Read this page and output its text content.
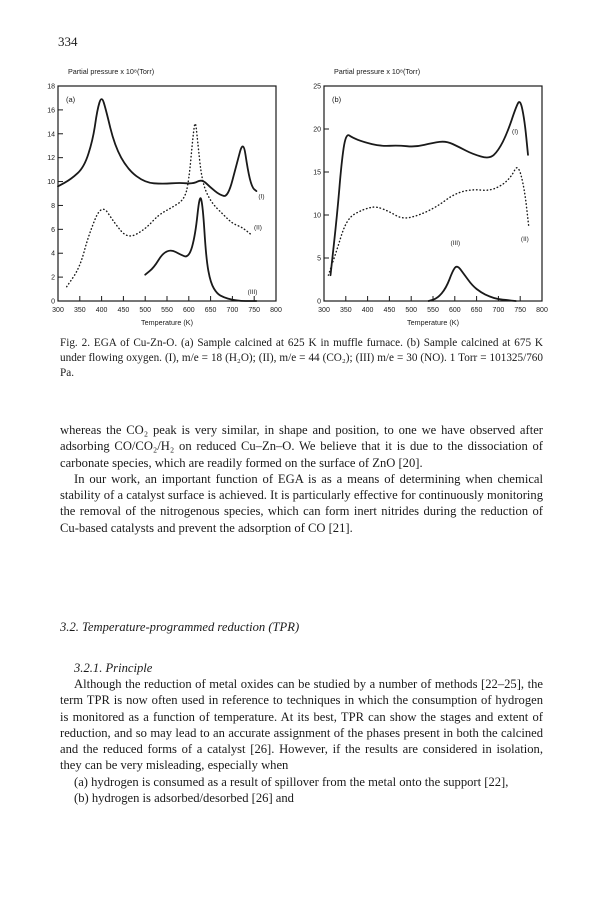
334
Partial pressure x 10⁸(Torr)
Temperature (K)
(a)
300 350 400 450 500 550 600 650 700 750 800
0
2
4
6
8
10
12
14
16
18
(I)
(II)
(III)
Partial pressure x 10⁸(Torr)
Temperature (K)
(b)
300 350 400 450 500 550 600 650 700 750 800
0
5
10
15
20
25
(I)
(II)
(III)
Fig. 2. EGA of Cu-Zn-O. (a) Sample calcined at 625 K in muffle furnace. (b) Sample calcined at 675 K under flowing oxygen. (I), m/e = 18 (H₂O); (II), m/e = 44 (CO₂); (III) m/e = 30 (NO). 1 Torr = 101325/760 Pa.

whereas the CO₂ peak is very similar, in shape and position, to one we have observed after adsorbing CO/CO₂/H₂ on reduced Cu–Zn–O. We believe that it is due to the dissociation of carbonate species, which are readily formed on the surface of ZnO [20].

In our work, an important function of EGA is as a means of determining when chemical stability of a catalyst surface is achieved. It is particularly effective for continuously monitoring the removal of the nitrogenous species, which can form inert nitrides during the reduction of Cu-based catalysts and prevent the adsorption of CO [21].

3.2. Temperature-programmed reduction (TPR)
3.2.1. Principle

Although the reduction of metal oxides can be studied by a number of methods [22–25], the term TPR is now often used in reference to techniques in which the consumption of hydrogen is monitored as a function of temperature. At its best, TPR can show the stages and extent of reduction, and so may lead to an accurate assignment of the phases present in both the calcined and the reduced forms of a catalyst [26]. However, if the results are considered in isolation, they can be very misleading, especially when

(a) hydrogen is consumed as a result of spillover from the metal onto the support [22],

(b) hydrogen is adsorbed/desorbed [26] and
